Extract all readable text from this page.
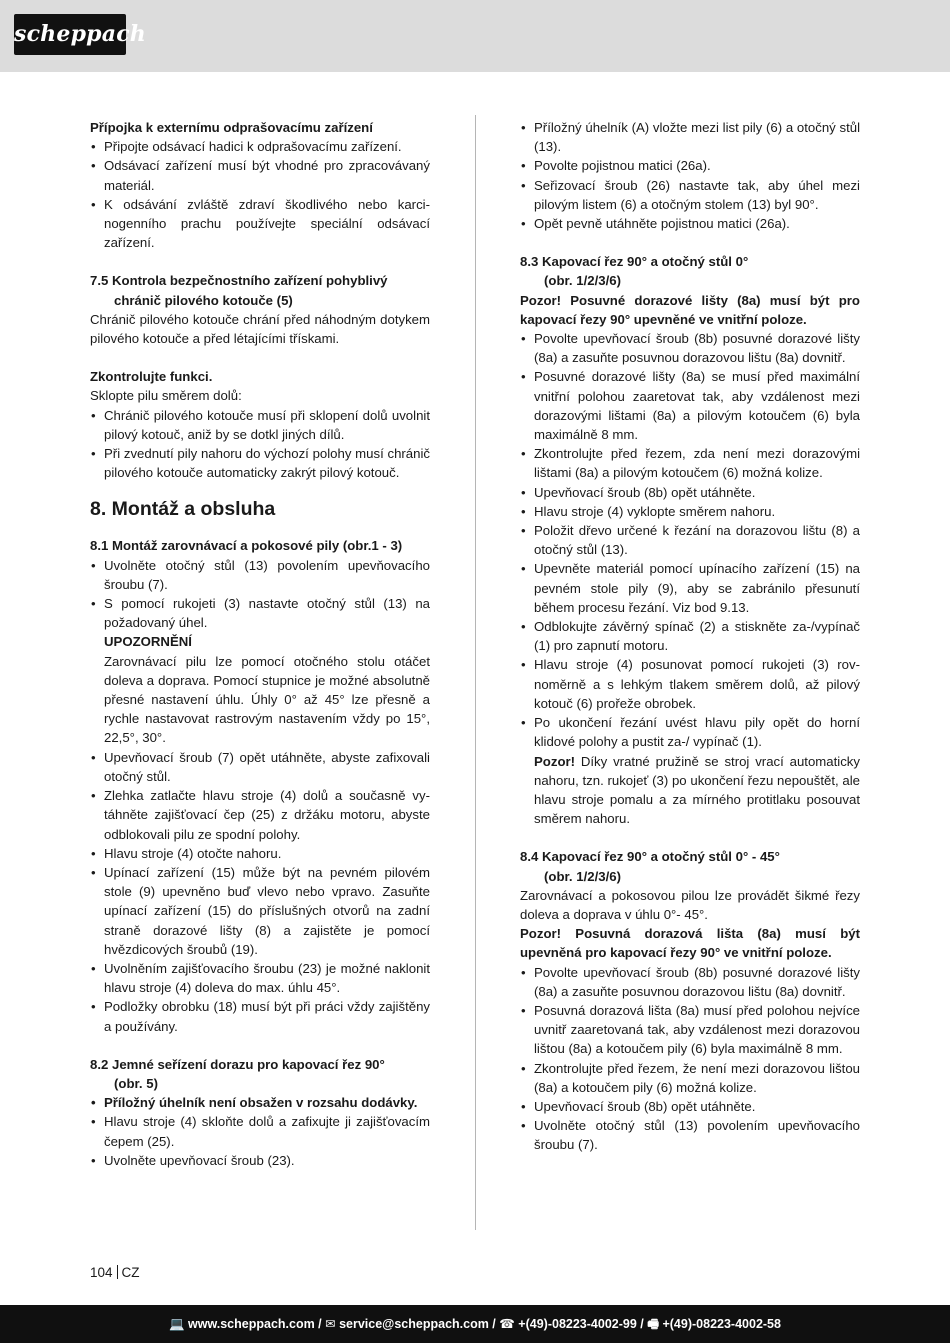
scheppach

Přípojka k externímu odprašovacímu zařízení

• Připojte odsávací hadici k odprašovacímu zařízení.
• Odsávací zařízení musí být vhodné pro zpracovávaný materiál.
• K odsávání zvláště zdraví škodlivého nebo karcinogenního prachu používejte speciální odsávací zařízení.

7.5 Kontrola bezpečnostního zařízení pohyblivý
chránič pilového kotouče (5)

Chránič pilového kotouče chrání před náhodným dotykem pilového kotouče a před létajícími třískami.

Zkontrolujte funkci.

Sklopte pilu směrem dolů:

• Chránič pilového kotouče musí při sklopení dolů uvolnit pilový kotouč, aniž by se dotkl jiných dílů.
• Při zvednutí pily nahoru do výchozí polohy musí chránič pilového kotouče automaticky zakrýt pilový kotouč.

8. Montáž a obsluha

8.1 Montáž zarovnávací a pokosové pily (obr.1 - 3)

• Uvolněte otočný stůl (13) povolením upevňovacího šroubu (7).
• S pomocí rukojeti (3) nastavte otočný stůl (13) na požadovaný úhel.

UPOZORNĚNÍ

Zarovnávací pilu lze pomocí otočného stolu otáčet doleva a doprava. Pomocí stupnice je možné absolutně přesné nastavení úhlu. Úhly 0° až 45° lze přesně a rychle nastavovat rastrovým nastavením vždy po 15°, 22,5°, 30°.

• Upevňovací šroub (7) opět utáhněte, abyste zafixovali otočný stůl.
• Zlehka zatlačte hlavu stroje (4) dolů a současně vytáhněte zajišťovací čep (25) z držáku motoru, abyste odblokovali pilu ze spodní polohy.
• Hlavu stroje (4) otočte nahoru.
• Upínací zařízení (15) může být na pevném pilovém stole (9) upevněno buď vlevo nebo vpravo. Zasuňte upínací zařízení (15) do příslušných otvorů na zadní straně dorazové lišty (8) a zajistěte je pomocí hvězdicových šroubů (19).
• Uvolněním zajišťovacího šroubu (23) je možné naklonit hlavu stroje (4) doleva do max. úhlu 45°.
• Podložky obrobku (18) musí být při práci vždy zajištěny a používány.

8.2 Jemné seřízení dorazu pro kapovací řez 90°
(obr. 5)

• Příložný úhelník není obsažen v rozsahu dodávky.
• Hlavu stroje (4) skloňte dolů a zafixujte ji zajišťovacím čepem (25).
• Uvolněte upevňovací šroub (23).
• Příložný úhelník (A) vložte mezi list pily (6) a otočný stůl (13).
• Povolte pojistnou matici (26a).
• Seřizovací šroub (26) nastavte tak, aby úhel mezi pilovým listem (6) a otočným stolem (13) byl 90°.
• Opět pevně utáhněte pojistnou matici (26a).

8.3 Kapovací řez 90° a otočný stůl 0°
(obr. 1/2/3/6)

Pozor! Posuvné dorazové lišty (8a) musí být pro kapovací řezy 90° upevněné ve vnitřní poloze.

• Povolte upevňovací šroub (8b) posuvné dorazové lišty (8a) a zasuňte posuvnou dorazovou lištu (8a) dovnitř.
• Posuvné dorazové lišty (8a) se musí před maximální vnitřní polohou zaaretovat tak, aby vzdálenost mezi dorazovými lištami (8a) a pilovým kotoučem (6) byla maximálně 8 mm.
• Zkontrolujte před řezem, zda není mezi dorazovými lištami (8a) a pilovým kotoučem (6) možná kolize.
• Upevňovací šroub (8b) opět utáhněte.
• Hlavu stroje (4) vyklopte směrem nahoru.
• Položit dřevo určené k řezání na dorazovou lištu (8) a otočný stůl (13).
• Upevněte materiál pomocí upínacího zařízení (15) na pevném stole pily (9), aby se zabránilo přesunutí během procesu řezání. Viz bod 9.13.
• Odblokujte závěrný spínač (2) a stiskněte za-/vypínač (1) pro zapnutí motoru.
• Hlavu stroje (4) posunovat pomocí rukojeti (3) rovnoměrně a s lehkým tlakem směrem dolů, až pilový kotouč (6) prořeže obrobek.
• Po ukončení řezání uvést hlavu pily opět do horní klidové polohy a pustit za-/ vypínač (1).

Pozor! Díky vratné pružině se stroj vrací automaticky nahoru, tzn. rukojeť (3) po ukončení řezu nepouštět, ale hlavu stroje pomalu a za mírného protitlaku posouvat směrem nahoru.

8.4 Kapovací řez 90° a otočný stůl 0° - 45°
(obr. 1/2/3/6)

Zarovnávací a pokosovou pilou lze provádět šikmé řezy doleva a doprava v úhlu 0°- 45°.

Pozor! Posuvná dorazová lišta (8a) musí být upevněná pro kapovací řezy 90° ve vnitřní poloze.

• Povolte upevňovací šroub (8b) posuvné dorazové lišty (8a) a zasuňte posuvnou dorazovou lištu (8a) dovnitř.
• Posuvná dorazová lišta (8a) musí před polohou nejvíce uvnitř zaaretovaná tak, aby vzdálenost mezi dorazovou lištou (8a) a kotoučem pily (6) byla maximálně 8 mm.
• Zkontrolujte před řezem, že není mezi dorazovou lištou (8a) a kotoučem pily (6) možná kolize.
• Upevňovací šroub (8b) opět utáhněte.
• Uvolněte otočný stůl (13) povolením upevňovacího šroubu (7).
104 CZ
💻 www.scheppach.com / ✉ service@scheppach.com / ☎ +(49)-08223-4002-99 / 🖷 +(49)-08223-4002-58
